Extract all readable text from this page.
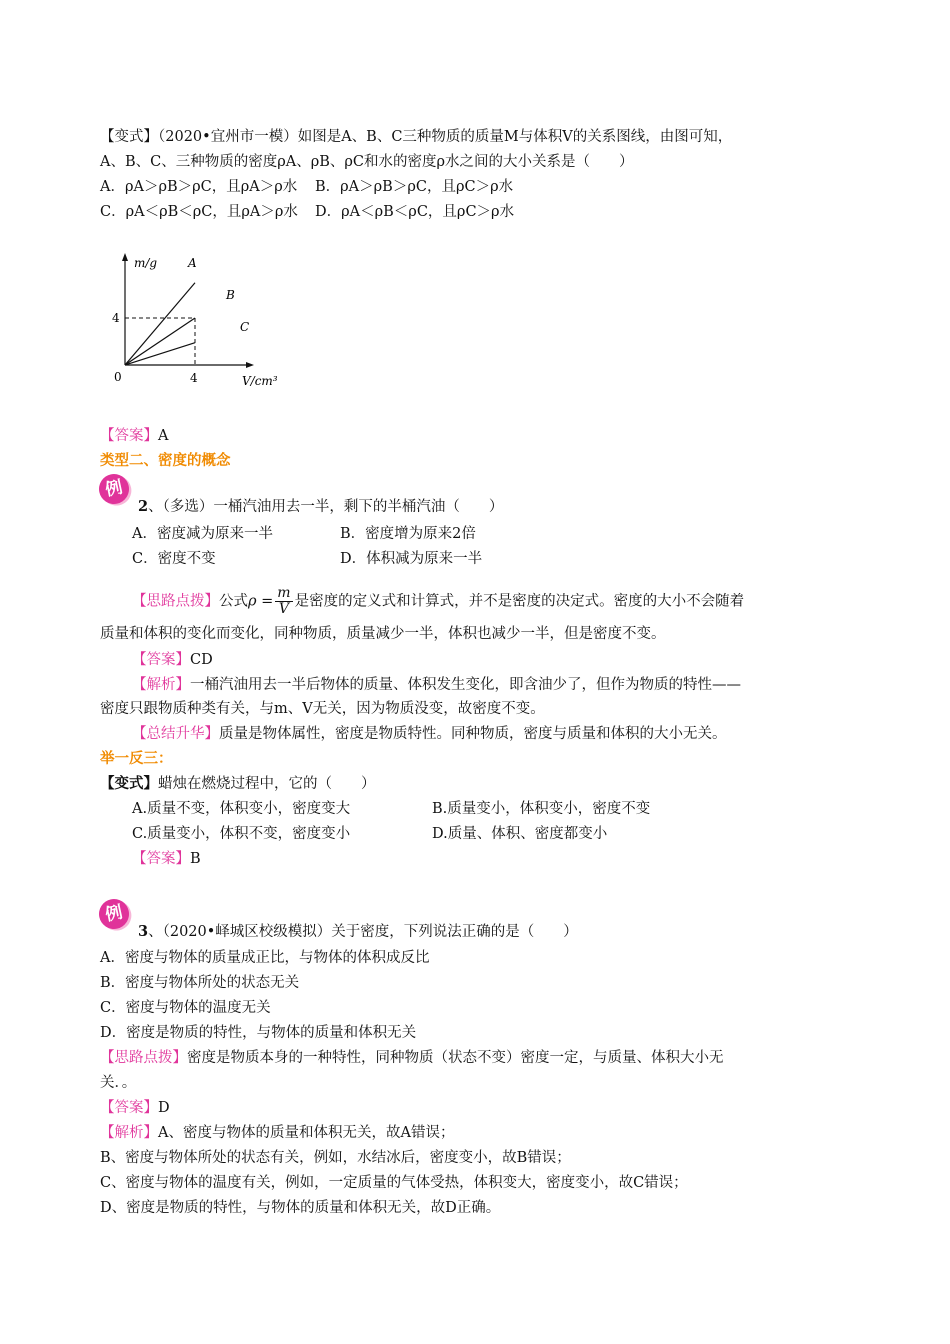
【变式】（2020•宜州市一模）如图是A、B、C三种物质的质量M与体积V的关系图线，由图可知，
A、B、C、三种物质的密度ρA、ρB、ρC和水的密度ρ水之间的大小关系是（　　）
A．ρA＞ρB＞ρC，且ρA＞ρ水 B．ρA＞ρB＞ρC，且ρC＞ρ水
C．ρA＜ρB＜ρC，且ρA＞ρ水 D．ρA＜ρB＜ρC，且ρC＞ρ水
m/g
V/cm³
0	4
4
A
B
C
【答案】A
类型二、密度的概念
例
2、（多选）一桶汽油用去一半，剩下的半桶汽油（　　）
A．密度减为原来一半	B．密度增为原来2倍
C．密度不变	D．体积减为原来一半
【思路点拨】公式$\rho = \frac{m}{V}$ 是密度的定义式和计算式，并不是密度的决定式。密度的大小不会随着
质量和体积的变化而变化，同种物质，质量减少一半，体积也减少一半，但是密度不变。
【答案】CD
【解析】一桶汽油用去一半后物体的质量、体积发生变化，即含油少了，但作为物质的特性——
密度只跟物质种类有关，与m、V无关，因为物质没变，故密度不变。
【总结升华】质量是物体属性，密度是物质特性。同种物质，密度与质量和体积的大小无关。
举一反三：
【变式】蜡烛在燃烧过程中，它的（　　）
A.质量不变，体积变小，密度变大	B.质量变小，体积变小，密度不变
C.质量变小，体积不变，密度变小	D.质量、体积、密度都变小
【答案】B
例
3、（2020•峄城区校级模拟）关于密度，下列说法正确的是（　　）
A．密度与物体的质量成正比，与物体的体积成反比
B．密度与物体所处的状态无关
C．密度与物体的温度无关
D．密度是物质的特性，与物体的质量和体积无关
【思路点拨】密度是物质本身的一种特性，同种物质（状态不变）密度一定，与质量、体积大小无
关．。
【答案】D
【解析】A、密度与物体的质量和体积无关，故A错误；
B、密度与物体所处的状态有关，例如，水结冰后，密度变小，故B错误；
C、密度与物体的温度有关，例如，一定质量的气体受热，体积变大，密度变小，故C错误；
D、密度是物质的特性，与物体的质量和体积无关，故D正确。
